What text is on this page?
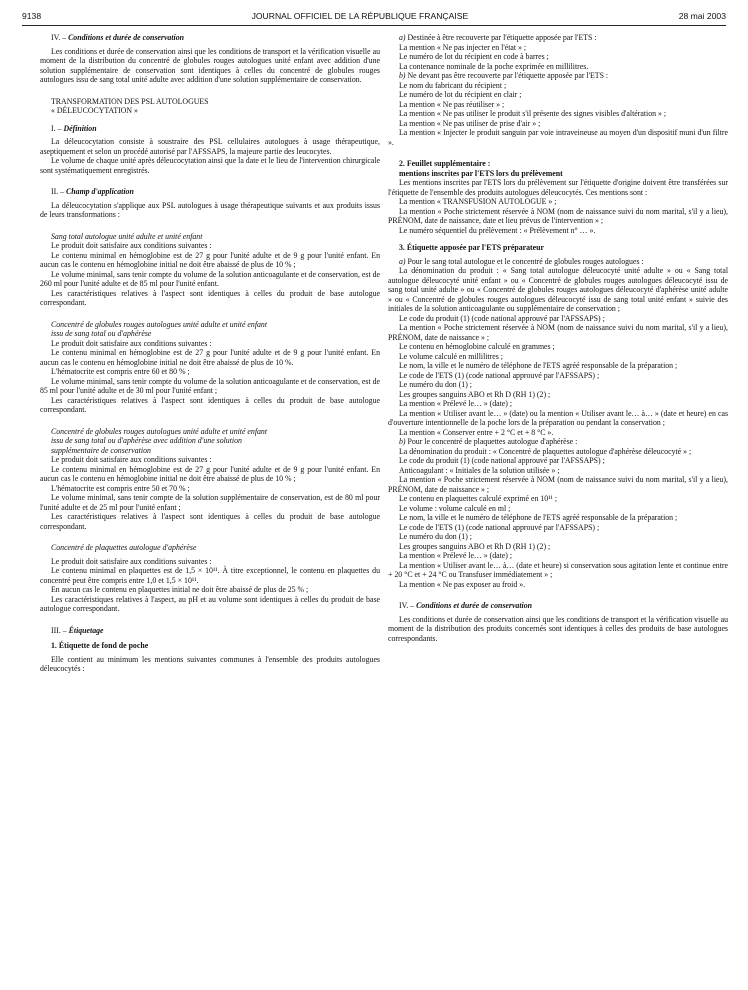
9138	JOURNAL OFFICIEL DE LA RÉPUBLIQUE FRANÇAISE	28 mai 2003

IV. – Conditions et durée de conservation

Les conditions et durée de conservation ainsi que les conditions de transport et la vérification visuelle au moment de la distribution du concentré de globules rouges autologues unité enfant avec addition d'une solution supplémentaire de conservation sont identiques à celles du concentré de globules rouges autologues issu de sang total unité adulte avec addition d'une solution supplémentaire de conservation.

TRANSFORMATION DES PSL AUTOLOGUES

« DÉLEUCOCYTATION »

I. – Définition

La déleucocytation consiste à soustraire des PSL cellulaires autologues à usage thérapeutique, aseptiquement et selon un procédé autorisé par l'AFSSAPS, la majeure partie des leucocytes.

Le volume de chaque unité après déleucocytation ainsi que la date et le lieu de l'intervention chirurgicale sont systématiquement enregistrés.

II. – Champ d'application

La déleucocytation s'applique aux PSL autologues à usage thérapeutique suivants et aux produits issus de leurs transformations :

Sang total autologue unité adulte et unité enfant

Le produit doit satisfaire aux conditions suivantes :

Le contenu minimal en hémoglobine est de 27 g pour l'unité adulte et de 9 g pour l'unité enfant. En aucun cas le contenu en hémoglobine initial ne doit être abaissé de plus de 10 % ;

Le volume minimal, sans tenir compte du volume de la solution anticoagulante et de conservation, est de 260 ml pour l'unité adulte et de 85 ml pour l'unité enfant.

Les caractéristiques relatives à l'aspect sont identiques à celles du produit de base autologue correspondant.

Concentré de globules rouges autologues unité adulte et unité enfant

issu de sang total ou d'aphérèse

Le produit doit satisfaire aux conditions suivantes :

Le contenu minimal en hémoglobine est de 27 g pour l'unité adulte et de 9 g pour l'unité enfant. En aucun cas le contenu en hémoglobine initial ne doit être abaissé de plus de 10 %.

L'hématocrite est compris entre 60 et 80 % ;

Le volume minimal, sans tenir compte du volume de la solution anticoagulante et de conservation, est de 85 ml pour l'unité adulte et de 30 ml pour l'unité enfant ;

Les caractéristiques relatives à l'aspect sont identiques à celles du produit de base autologue correspondant.

Concentré de globules rouges autologues unité adulte et unité enfant

issu de sang total ou d'aphérèse avec addition d'une solution

supplémentaire de conservation

Le produit doit satisfaire aux conditions suivantes :

Le contenu minimal en hémoglobine est de 27 g pour l'unité adulte et de 9 g pour l'unité enfant. En aucun cas le contenu en hémoglobine initial ne doit être abaissé de plus de 10 % ;

L'hématocrite est compris entre 50 et 70 % ;

Le volume minimal, sans tenir compte de la solution supplémentaire de conservation, est de 80 ml pour l'unité adulte et de 25 ml pour l'unité enfant ;

Les caractéristiques relatives à l'aspect sont identiques à celles du produit de base autologue correspondant.

Concentré de plaquettes autologue d'aphérèse

Le produit doit satisfaire aux conditions suivantes :

Le contenu minimal en plaquettes est de 1,5 × 10¹¹. À titre exceptionnel, le contenu en plaquettes du concentré peut être compris entre 1,0 et 1,5 × 10¹¹.

En aucun cas le contenu en plaquettes initial ne doit être abaissé de plus de 25 % ;

Les caractéristiques relatives à l'aspect, au pH et au volume sont identiques à celles du produit de base autologue correspondant.

III. – Étiquetage

1. Étiquette de fond de poche

Elle contient au minimum les mentions suivantes communes à l'ensemble des produits autologues déleucocytés :

a) Destinée à être recouverte par l'étiquette apposée par l'ETS :

La mention « Ne pas injecter en l'état » ;

Le numéro de lot du récipient en code à barres ;

La contenance nominale de la poche exprimée en millilitres.

b) Ne devant pas être recouverte par l'étiquette apposée par l'ETS :

Le nom du fabricant du récipient ;

Le numéro de lot du récipient en clair ;

La mention « Ne pas réutiliser » ;

La mention « Ne pas utiliser le produit s'il présente des signes visibles d'altération » ;

La mention « Ne pas utiliser de prise d'air » ;

La mention « Injecter le produit sanguin par voie intraveineuse au moyen d'un dispositif muni d'un filtre ».

2. Feuillet supplémentaire :

mentions inscrites par l'ETS lors du prélèvement

Les mentions inscrites par l'ETS lors du prélèvement sur l'étiquette d'origine doivent être transférées sur l'étiquette de l'ensemble des produits autologues déleucocytés. Ces mentions sont :

La mention « TRANSFUSION AUTOLOGUE » ;

La mention « Poche strictement réservée à NOM (nom de naissance suivi du nom marital, s'il y a lieu), PRÉNOM, date de naissance, date et lieu prévus de l'intervention » ;

Le numéro séquentiel du prélèvement : « Prélèvement n° … ».

3. Étiquette apposée par l'ETS préparateur

a) Pour le sang total autologue et le concentré de globules rouges autologues :

La dénomination du produit : « Sang total autologue déleucocyté unité adulte » ou « Sang total autologue déleucocyté unité enfant » ou « Concentré de globules rouges autologues déleucocyté issu de sang total unité adulte » ou « Concentré de globules rouges autologues déleucocyté d'aphérèse unité adulte » ou « Concentré de globules rouges autologues déleucocyté issu de sang total unité enfant » suivie des initiales de la solution anticoagulante ou supplémentaire de conservation ;

Le code du produit (1) (code national approuvé par l'AFSSAPS) ;

La mention « Poche strictement réservée à NOM (nom de naissance suivi du nom marital, s'il y a lieu), PRÉNOM, date de naissance » ;

Le contenu en hémoglobine calculé en grammes ;

Le volume calculé en millilitres ;

Le nom, la ville et le numéro de téléphone de l'ETS agréé responsable de la préparation ;

Le code de l'ETS (1) (code national approuvé par l'AFSSAPS) ;

Le numéro du don (1) ;

Les groupes sanguins ABO et Rh D (RH 1) (2) ;

La mention « Prélevé le… » (date) ;

La mention « Utiliser avant le… » (date) ou la mention « Utiliser avant le… à… » (date et heure) en cas d'ouverture intentionnelle de la poche lors de la préparation ou pendant la conservation ;

La mention « Conserver entre + 2 °C et + 8 °C ».

b) Pour le concentré de plaquettes autologue d'aphérèse :

La dénomination du produit : « Concentré de plaquettes autologue d'aphérèse déleucocyté » ;

Le code du produit (1) (code national approuvé par l'AFSSAPS) ;

Anticoagulant : « Initiales de la solution utilisée » ;

La mention « Poche strictement réservée à NOM (nom de naissance suivi du nom marital, s'il y a lieu), PRÉNOM, date de naissance » ;

Le contenu en plaquettes calculé exprimé en 10¹¹ ;

Le volume : volume calculé en ml ;

Le nom, la ville et le numéro de téléphone de l'ETS agréé responsable de la préparation ;

Le code de l'ETS (1) (code national approuvé par l'AFSSAPS) ;

Le numéro du don (1) ;

Les groupes sanguins ABO et Rh D (RH 1) (2) ;

La mention « Prélevé le… » (date) ;

La mention « Utiliser avant le… à… (date et heure) si conservation sous agitation lente et continue entre + 20 °C et + 24 °C ou Transfuser immédiatement » ;

La mention « Ne pas exposer au froid ».

IV. – Conditions et durée de conservation

Les conditions et durée de conservation ainsi que les conditions de transport et la vérification visuelle au moment de la distribution des produits concernés sont identiques à celles des produits de base autologues correspondants.
